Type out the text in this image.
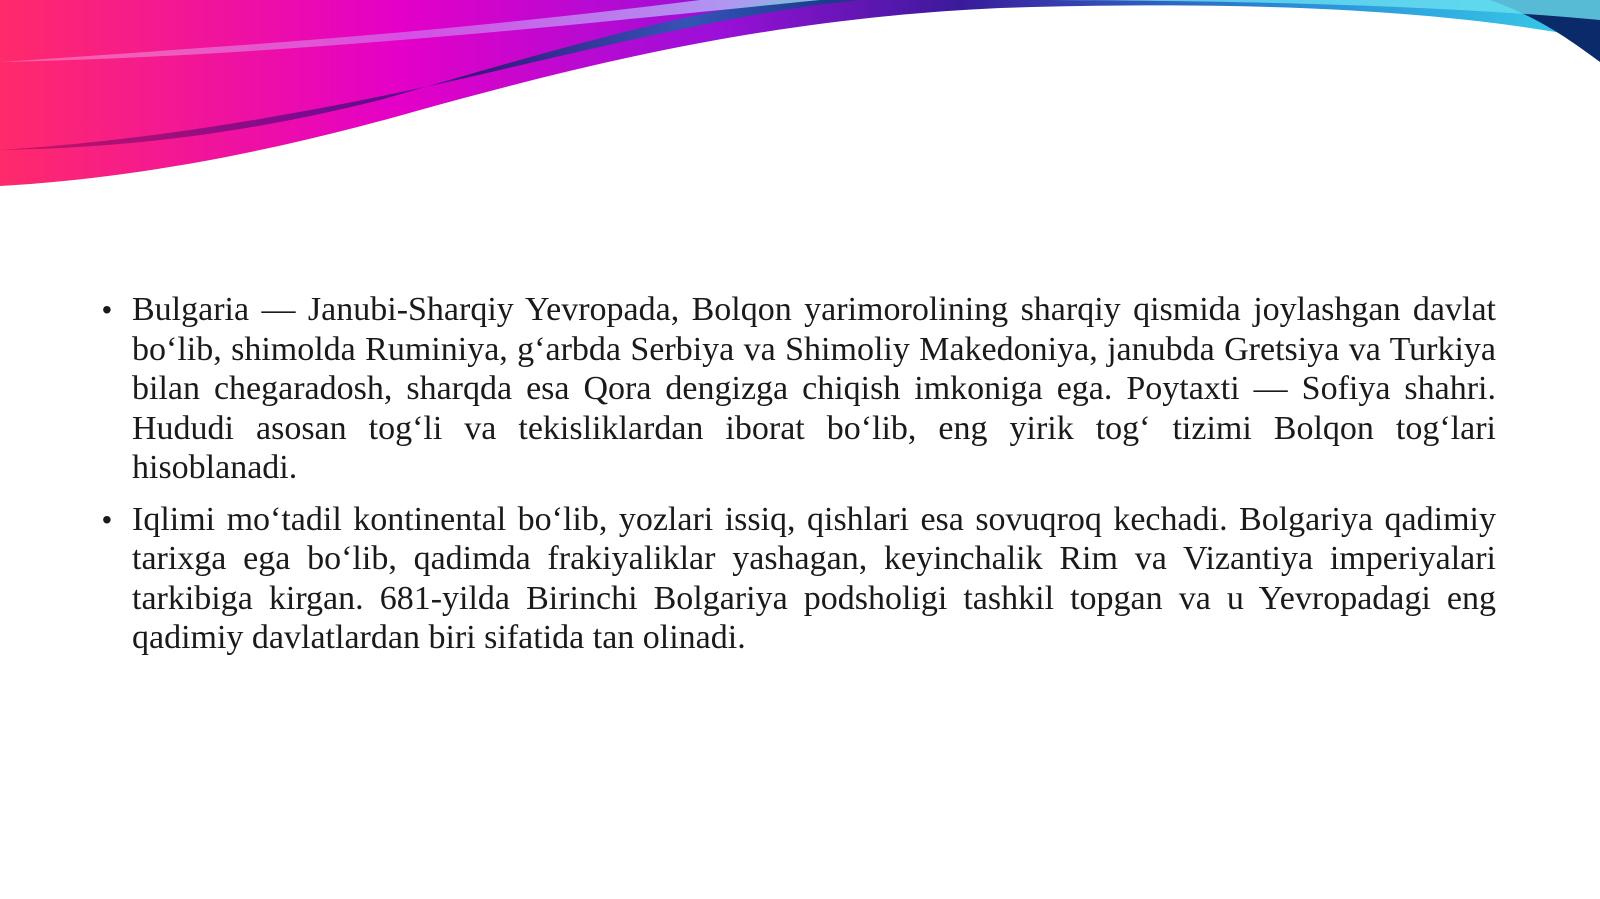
• Bulgaria — Janubi-Sharqiy Yevropada, Bolqon yarimorolining sharqiy qismida joylashgan davlat bo‘lib, shimolda Ruminiya, g‘arbda Serbiya va Shimoliy Makedoniya, janubda Gretsiya va Turkiya bilan chegaradosh, sharqda esa Qora dengizga chiqish imkoniga ega. Poytaxti — Sofiya shahri. Hududi asosan tog‘li va tekisliklardan iborat bo‘lib, eng yirik tog‘ tizimi Bolqon tog‘lari hisoblanadi.
• Iqlimi mo‘tadil kontinental bo‘lib, yozlari issiq, qishlari esa sovuqroq kechadi. Bolgariya qadimiy tarixga ega bo‘lib, qadimda frakiyaliklar yashagan, keyinchalik Rim va Vizantiya imperiyalari tarkibiga kirgan. 681-yilda Birinchi Bolgariya podsholigi tashkil topgan va u Yevropadagi eng qadimiy davlatlardan biri sifatida tan olinadi.
